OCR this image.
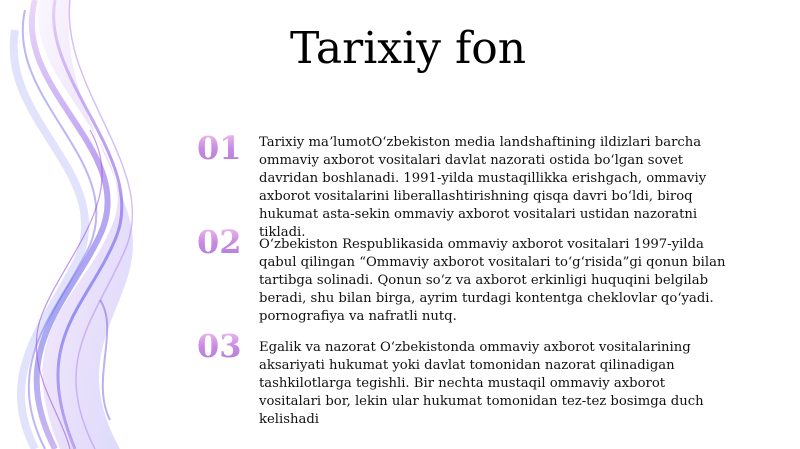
Tarixiy fon
01	Tarixiy maʼlumotOʻzbekiston media landshaftining ildizlari barcha ommaviy axborot vositalari davlat nazorati ostida boʻlgan sovet davridan boshlanadi. 1991-yilda mustaqillikka erishgach, ommaviy axborot vositalarini liberallashtirishning qisqa davri boʻldi, biroq hukumat asta-sekin ommaviy axborot vositalari ustidan nazoratni tikladi.

02	Oʻzbekiston Respublikasida ommaviy axborot vositalari 1997-yilda qabul qilingan “Ommaviy axborot vositalari toʻgʻrisida”gi qonun bilan tartibga solinadi. Qonun soʻz va axborot erkinligi huquqini belgilab beradi, shu bilan birga, ayrim turdagi kontentga cheklovlar qoʻyadi. pornografiya va nafratli nutq.

03	Egalik va nazorat Oʻzbekistonda ommaviy axborot vositalarining aksariyati hukumat yoki davlat tomonidan nazorat qilinadigan tashkilotlarga tegishli. Bir nechta mustaqil ommaviy axborot vositalari bor, lekin ular hukumat tomonidan tez-tez bosimga duch kelishadi
